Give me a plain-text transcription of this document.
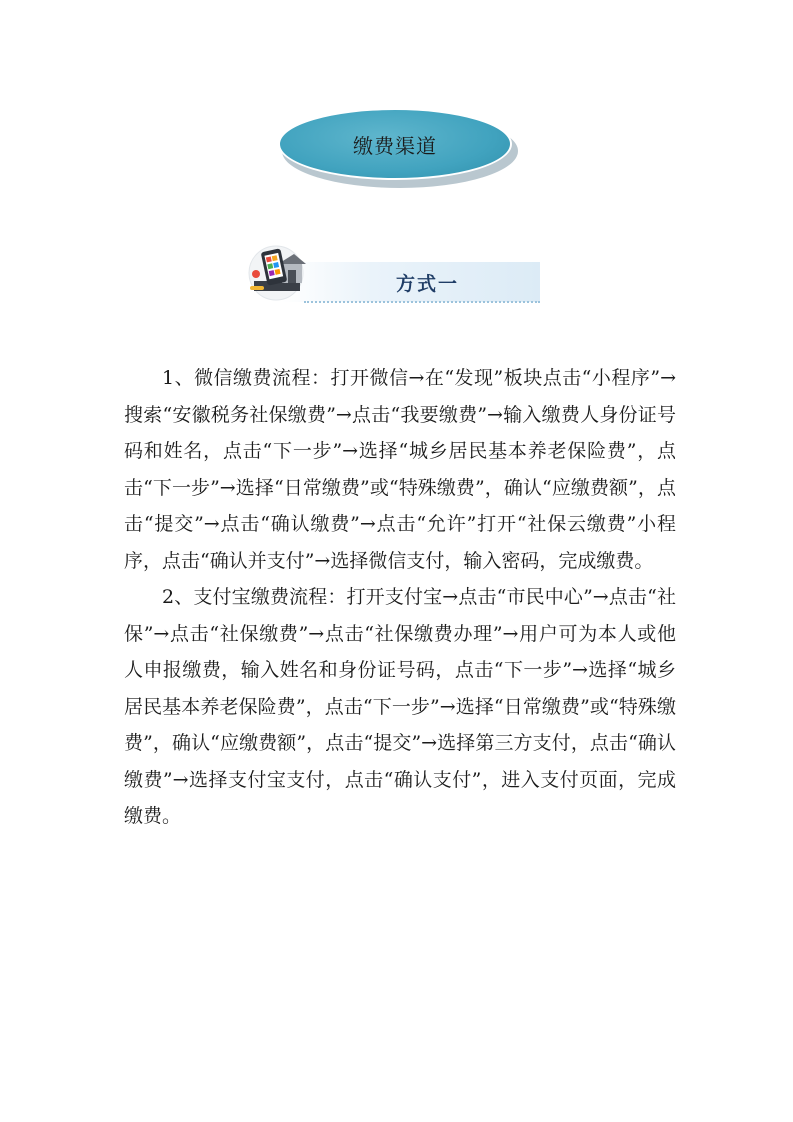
缴费渠道
方式一

1、微信缴费流程：打开微信→在“发现”板块点击“小程序”→搜索“安徽税务社保缴费”→点击“我要缴费”→输入缴费人身份证号码和姓名，点击“下一步”→选择“城乡居民基本养老保险费”，点击“下一步”→选择“日常缴费”或“特殊缴费”，确认“应缴费额”，点击“提交”→点击“确认缴费”→点击“允许”打开“社保云缴费”小程序，点击“确认并支付”→选择微信支付，输入密码，完成缴费。

2、支付宝缴费流程：打开支付宝→点击“市民中心”→点击“社保”→点击“社保缴费”→点击“社保缴费办理”→用户可为本人或他人申报缴费，输入姓名和身份证号码，点击“下一步”→选择“城乡居民基本养老保险费”，点击“下一步”→选择“日常缴费”或“特殊缴费”，确认“应缴费额”，点击“提交”→选择第三方支付，点击“确认缴费”→选择支付宝支付，点击“确认支付”，进入支付页面，完成缴费。
